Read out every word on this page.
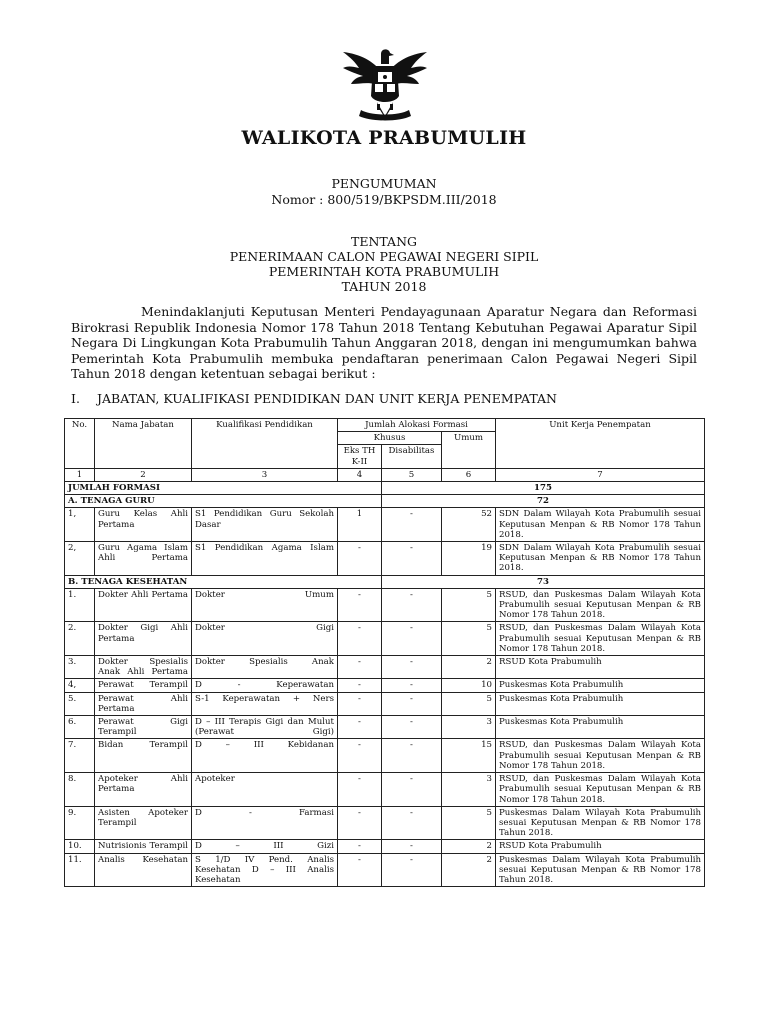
WALIKOTA PRABUMULIH
PENGUMUMAN
Nomor : 800/519/BKPSDM.III/2018
TENTANG
PENERIMAAN CALON PEGAWAI NEGERI SIPIL
PEMERINTAH KOTA PRABUMULIH
TAHUN 2018
Menindaklanjuti Keputusan Menteri Pendayagunaan Aparatur Negara dan Reformasi Birokrasi Republik Indonesia Nomor 178 Tahun 2018 Tentang Kebutuhan Pegawai Aparatur Sipil Negara Di Lingkungan Kota Prabumulih Tahun Anggaran 2018, dengan ini mengumumkan bahwa Pemerintah Kota Prabumulih membuka pendaftaran penerimaan Calon Pegawai Negeri Sipil Tahun 2018 dengan ketentuan sebagai berikut :
I. JABATAN, KUALIFIKASI PENDIDIKAN DAN UNIT KERJA PENEMPATAN
No.	Nama Jabatan	Kualifikasi Pendidikan	Jumlah Alokasi Formasi			Unit Kerja Penempatan
			Khusus		Umum	
			Eks TH K-II	Disabilitas		
1	2	3	4	5	6	7
JUMLAH FORMASI				175		
A. TENAGA GURU				72		
1,	Guru Kelas Ahli Pertama	S1 Pendidikan Guru Sekolah Dasar	1	-	52	SDN Dalam Wilayah Kota Prabumulih sesuai Keputusan Menpan & RB Nomor 178 Tahun 2018.
2,	Guru Agama Islam Ahli Pertama	S1 Pendidikan Agama Islam	-	-	19	SDN Dalam Wilayah Kota Prabumulih sesuai Keputusan Menpan & RB Nomor 178 Tahun 2018.
B. TENAGA KESEHATAN				73		
1.	Dokter Ahli Pertama	Dokter Umum	-	-	5	RSUD, dan Puskesmas Dalam Wilayah Kota Prabumulih sesuai Keputusan Menpan & RB Nomor 178 Tahun 2018.
2.	Dokter Gigi Ahli Pertama	Dokter Gigi	-	-	5	RSUD, dan Puskesmas Dalam Wilayah Kota Prabumulih sesuai Keputusan Menpan & RB Nomor 178 Tahun 2018.
3.	Dokter Spesialis Anak Ahli Pertama	Dokter Spesialis Anak	-	-	2	RSUD Kota Prabumulih
4,	Perawat Terampil	D - Keperawatan	-	-	10	Puskesmas Kota Prabumulih
5.	Perawat Ahli Pertama	S-1 Keperawatan + Ners	-	-	5	Puskesmas Kota Prabumulih
6.	Perawat Gigi Terampil	D – III Terapis Gigi dan Mulut (Perawat Gigi)	-	-	3	Puskesmas Kota Prabumulih
7.	Bidan Terampil	D – III Kebidanan	-	-	15	RSUD, dan Puskesmas Dalam Wilayah Kota Prabumulih sesuai Keputusan Menpan & RB Nomor 178 Tahun 2018.
8.	Apoteker Ahli Pertama	Apoteker	-	-	3	RSUD, dan Puskesmas Dalam Wilayah Kota Prabumulih sesuai Keputusan Menpan & RB Nomor 178 Tahun 2018.
9.	Asisten Apoteker Terampil	D - Farmasi	-	-	5	Puskesmas Dalam Wilayah Kota Prabumulih sesuai Keputusan Menpan & RB Nomor 178 Tahun 2018.
10.	Nutrisionis Terampil	D – III Gizi	-	-	2	RSUD Kota Prabumulih
11.	Analis Kesehatan	S 1/D IV Pend. Analis Kesehatan D – III Analis Kesehatan	-	-	2	Puskesmas Dalam Wilayah Kota Prabumulih sesuai Keputusan Menpan & RB Nomor 178 Tahun 2018.
